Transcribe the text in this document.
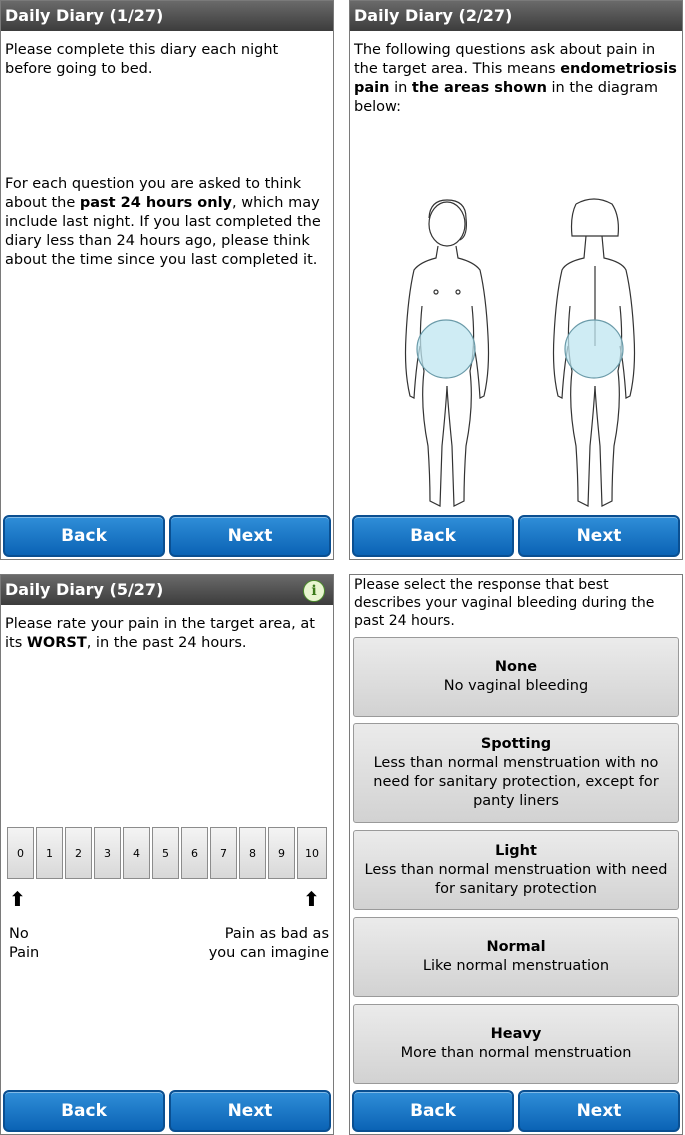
Daily Diary (1/27)
Please complete this diary each night before going to bed.
For each question you are asked to think about the past 24 hours only, which may include last night. If you last completed the diary less than 24 hours ago, please think about the time since you last completed it.
Back	Next
Daily Diary (2/27)
The following questions ask about pain in the target area. This means endometriosis pain in the areas shown in the diagram below:
Back	Next
Daily Diary (5/27)	i
Please rate your pain in the target area, at its WORST, in the past 24 hours.
0	1	2	3	4	5	6	7	8	9	10
⬆	⬆
No
Pain
Pain as bad as
you can imagine
Back	Next
Please select the response that best describes your vaginal bleeding during the past 24 hours.
None
No vaginal bleeding
Spotting
Less than normal menstruation with no need for sanitary protection, except for panty liners
Light
Less than normal menstruation with need for sanitary protection
Normal
Like normal menstruation
Heavy
More than normal menstruation
Back	Next
